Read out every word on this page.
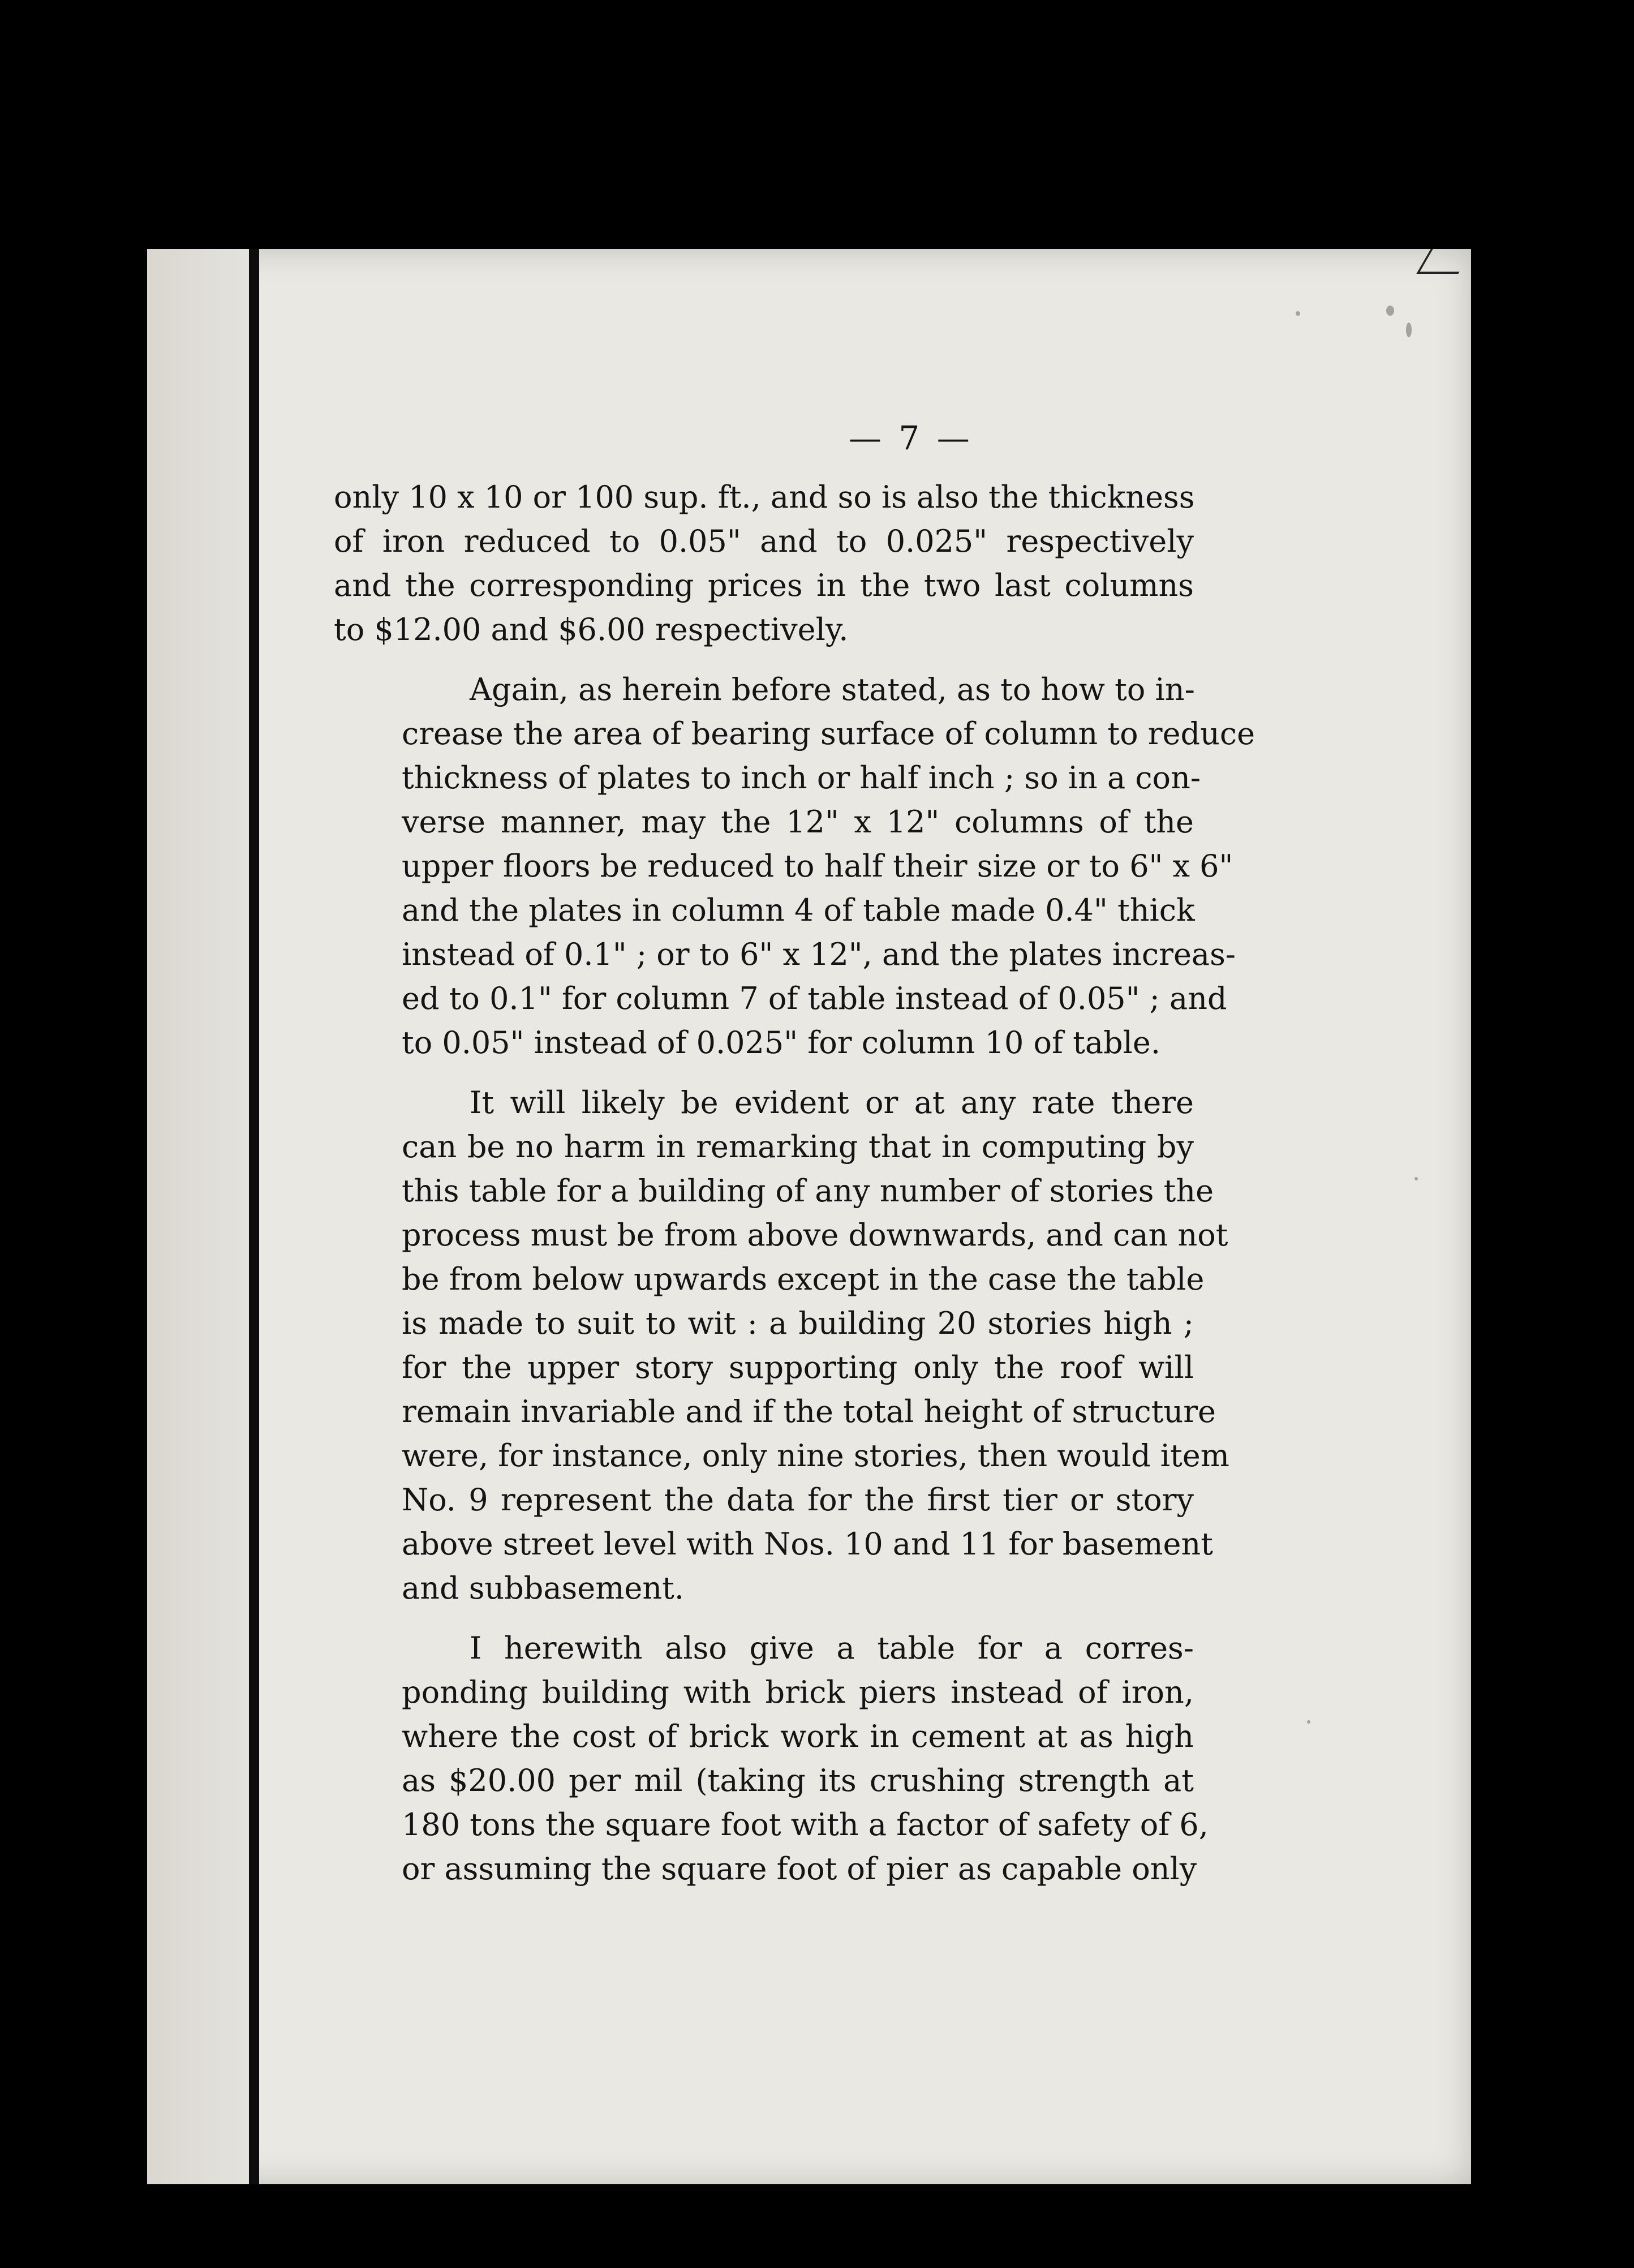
— 7 —
only 10 x 10 or 100 sup. ft., and so is also the thickness
of iron reduced to 0.05" and to 0.025" respectively
and the corresponding prices in the two last columns
to $12.00 and $6.00 respectively.
Again, as herein before stated, as to how to in-
crease the area of bearing surface of column to reduce
thickness of plates to inch or half inch ; so in a con-
verse manner, may the 12" x 12" columns of the
upper floors be reduced to half their size or to 6" x 6"
and the plates in column 4 of table made 0.4" thick
instead of 0.1" ; or to 6" x 12", and the plates increas-
ed to 0.1" for column 7 of table instead of 0.05" ; and
to 0.05" instead of 0.025" for column 10 of table.
It will likely be evident or at any rate there
can be no harm in remarking that in computing by
this table for a building of any number of stories the
process must be from above downwards, and can not
be from below upwards except in the case the table
is made to suit to wit : a building 20 stories high ;
for the upper story supporting only the roof will
remain invariable and if the total height of structure
were, for instance, only nine stories, then would item
No. 9 represent the data for the first tier or story
above street level with Nos. 10 and 11 for basement
and subbasement.
I herewith also give a table for a corres-
ponding building with brick piers instead of iron,
where the cost of brick work in cement at as high
as $20.00 per mil (taking its crushing strength at
180 tons the square foot with a factor of safety of 6,
or assuming the square foot of pier as capable only
